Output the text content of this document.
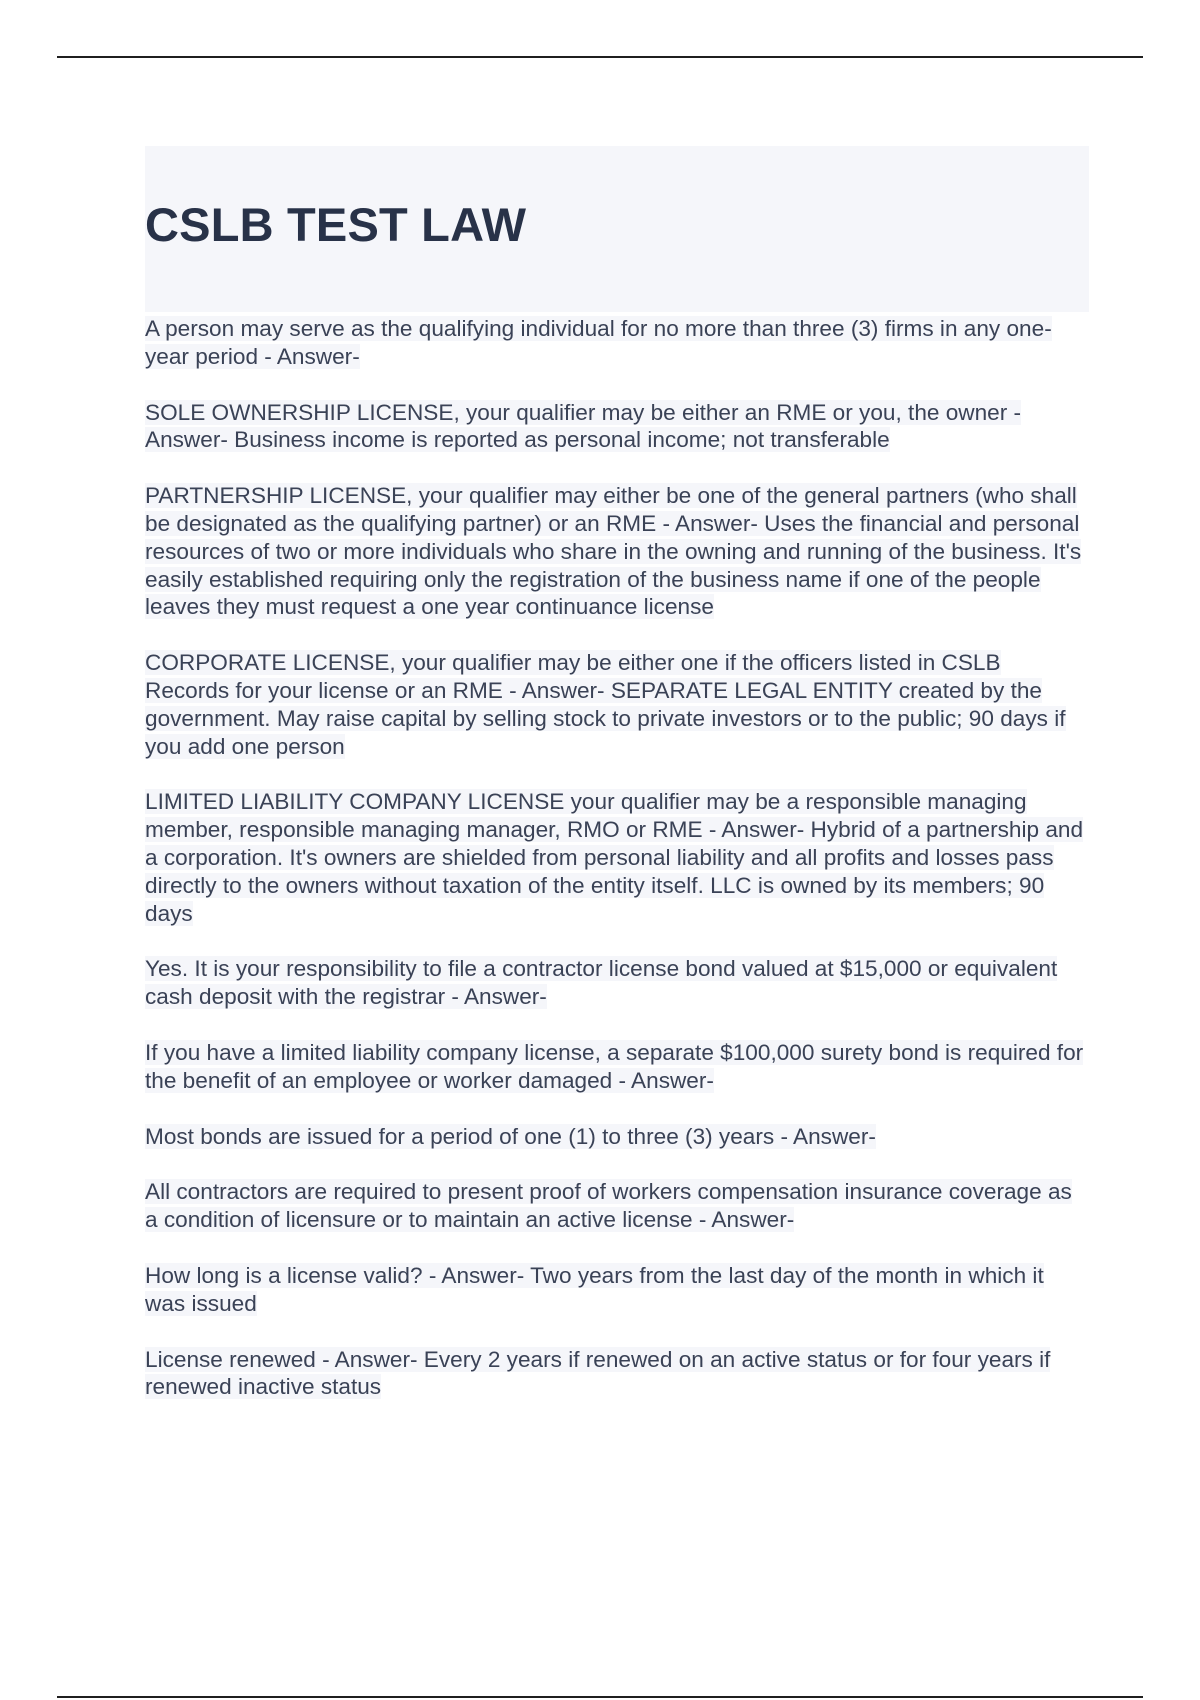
CSLB TEST LAW
A person may serve as the qualifying individual for no more than three (3) firms in any one-year period - Answer-
SOLE OWNERSHIP LICENSE, your qualifier may be either an RME or you, the owner - Answer- Business income is reported as personal income; not transferable
PARTNERSHIP LICENSE, your qualifier may either be one of the general partners (who shall be designated as the qualifying partner) or an RME - Answer- Uses the financial and personal resources of two or more individuals who share in the owning and running of the business. It's easily established requiring only the registration of the business name if one of the people leaves they must request a one year continuance license
CORPORATE LICENSE, your qualifier may be either one if the officers listed in CSLB Records for your license or an RME - Answer- SEPARATE LEGAL ENTITY created by the government. May raise capital by selling stock to private investors or to the public; 90 days if you add one person
LIMITED LIABILITY COMPANY LICENSE your qualifier may be a responsible managing member, responsible managing manager, RMO or RME - Answer- Hybrid of a partnership and a corporation. It's owners are shielded from personal liability and all profits and losses pass directly to the owners without taxation of the entity itself. LLC is owned by its members; 90 days
Yes. It is your responsibility to file a contractor license bond valued at $15,000 or equivalent cash deposit with the registrar - Answer-
If you have a limited liability company license, a separate $100,000 surety bond is required for the benefit of an employee or worker damaged - Answer-
Most bonds are issued for a period of one (1) to three (3) years - Answer-
All contractors are required to present proof of workers compensation insurance coverage as a condition of licensure or to maintain an active license - Answer-
How long is a license valid? - Answer- Two years from the last day of the month in which it was issued
License renewed - Answer- Every 2 years if renewed on an active status or for four years if renewed inactive status
